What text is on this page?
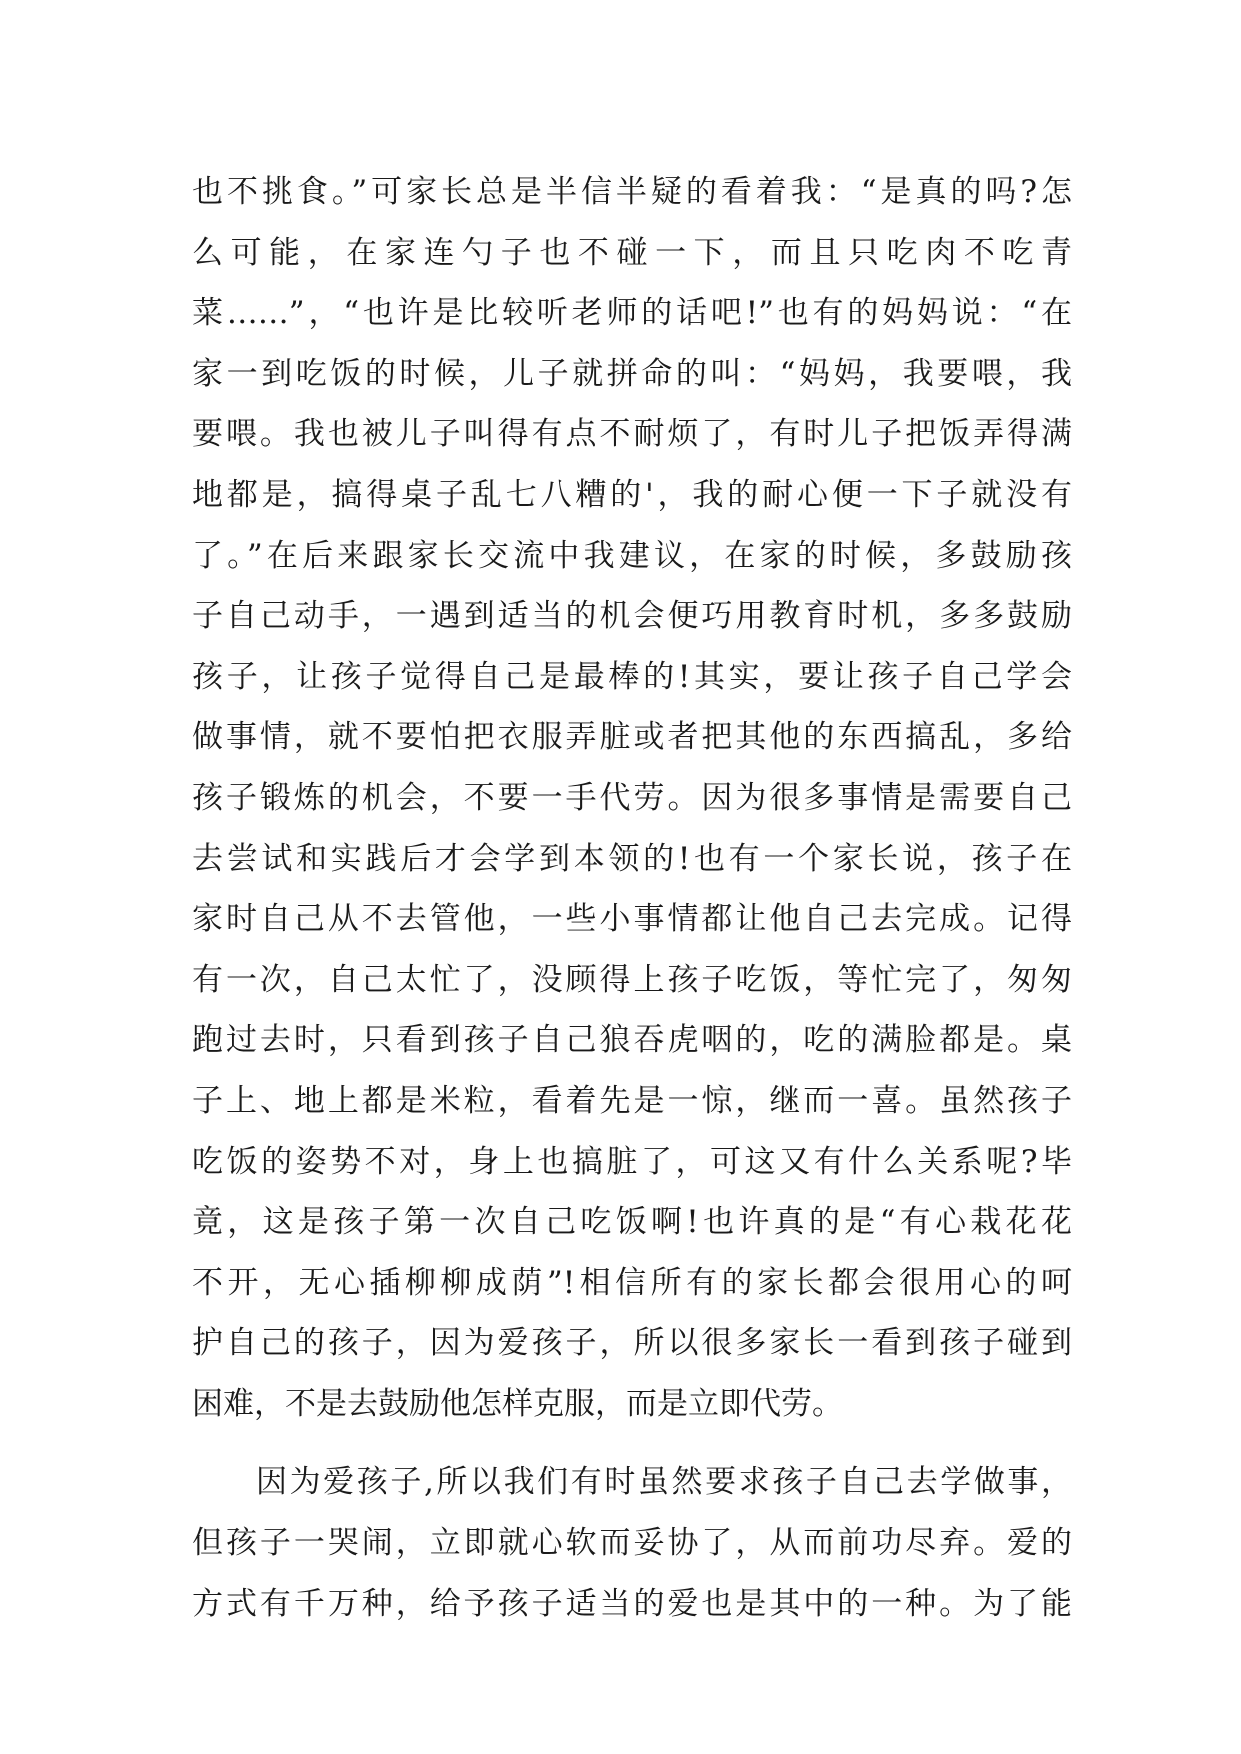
也不挑食。”可家长总是半信半疑的看着我：“是真的吗?怎
么可能，在家连勺子也不碰一下，而且只吃肉不吃青
菜……”，“也许是比较听老师的话吧!”也有的妈妈说：“在
家一到吃饭的时候，儿子就拼命的叫：“妈妈，我要喂，我
要喂。我也被儿子叫得有点不耐烦了，有时儿子把饭弄得满
地都是，搞得桌子乱七八糟的'，我的耐心便一下子就没有
了。”在后来跟家长交流中我建议，在家的时候，多鼓励孩
子自己动手，一遇到适当的机会便巧用教育时机，多多鼓励
孩子，让孩子觉得自己是最棒的!其实，要让孩子自己学会
做事情，就不要怕把衣服弄脏或者把其他的东西搞乱，多给
孩子锻炼的机会，不要一手代劳。因为很多事情是需要自己
去尝试和实践后才会学到本领的!也有一个家长说，孩子在
家时自己从不去管他，一些小事情都让他自己去完成。记得
有一次，自己太忙了，没顾得上孩子吃饭，等忙完了，匆匆
跑过去时，只看到孩子自己狼吞虎咽的，吃的满脸都是。桌
子上、地上都是米粒，看着先是一惊，继而一喜。虽然孩子
吃饭的姿势不对，身上也搞脏了，可这又有什么关系呢?毕
竟，这是孩子第一次自己吃饭啊!也许真的是“有心栽花花
不开，无心插柳柳成荫”!相信所有的家长都会很用心的呵
护自己的孩子，因为爱孩子，所以很多家长一看到孩子碰到
困难，不是去鼓励他怎样克服，而是立即代劳。
因为爱孩子,所以我们有时虽然要求孩子自己去学做事，
但孩子一哭闹，立即就心软而妥协了，从而前功尽弃。爱的
方式有千万种，给予孩子适当的爱也是其中的一种。为了能
